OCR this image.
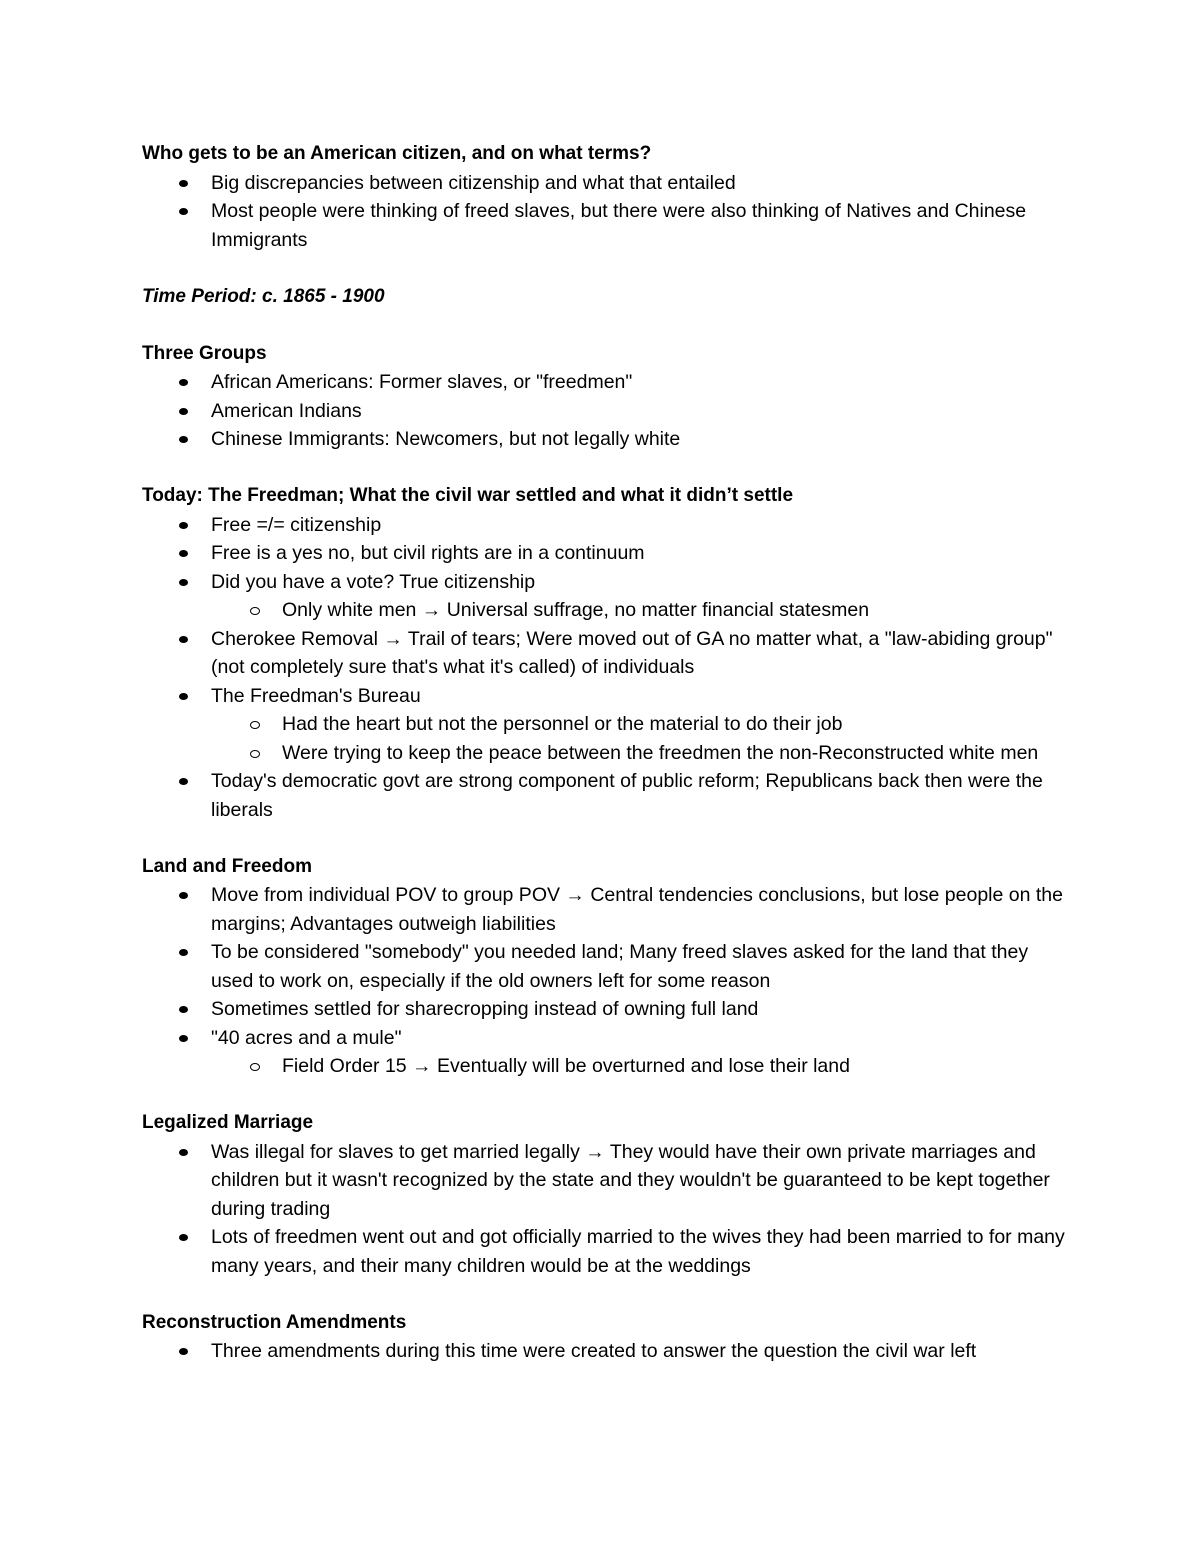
Who gets to be an American citizen, and on what terms?

Big discrepancies between citizenship and what that entailed
Most people were thinking of freed slaves, but there were also thinking of Natives and Chinese Immigrants

Time Period: c. 1865 - 1900

Three Groups

African Americans: Former slaves, or "freedmen"
American Indians
Chinese Immigrants: Newcomers, but not legally white

Today: The Freedman; What the civil war settled and what it didn’t settle

Free =/= citizenship
Free is a yes no, but civil rights are in a continuum
Did you have a vote? True citizenship
Only white men → Universal suffrage, no matter financial statesmen
Cherokee Removal → Trail of tears; Were moved out of GA no matter what, a "law-abiding group" (not completely sure that's what it's called) of individuals
The Freedman's Bureau
Had the heart but not the personnel or the material to do their job
Were trying to keep the peace between the freedmen the non-Reconstructed white men
Today's democratic govt are strong component of public reform; Republicans back then were the liberals

Land and Freedom

Move from individual POV to group POV → Central tendencies conclusions, but lose people on the margins; Advantages outweigh liabilities
To be considered "somebody" you needed land; Many freed slaves asked for the land that they used to work on, especially if the old owners left for some reason
Sometimes settled for sharecropping instead of owning full land
"40 acres and a mule"
Field Order 15 → Eventually will be overturned and lose their land

Legalized Marriage

Was illegal for slaves to get married legally → They would have their own private marriages and children but it wasn't recognized by the state and they wouldn't be guaranteed to be kept together during trading
Lots of freedmen went out and got officially married to the wives they had been married to for many many years, and their many children would be at the weddings

Reconstruction Amendments

Three amendments during this time were created to answer the question the civil war left
